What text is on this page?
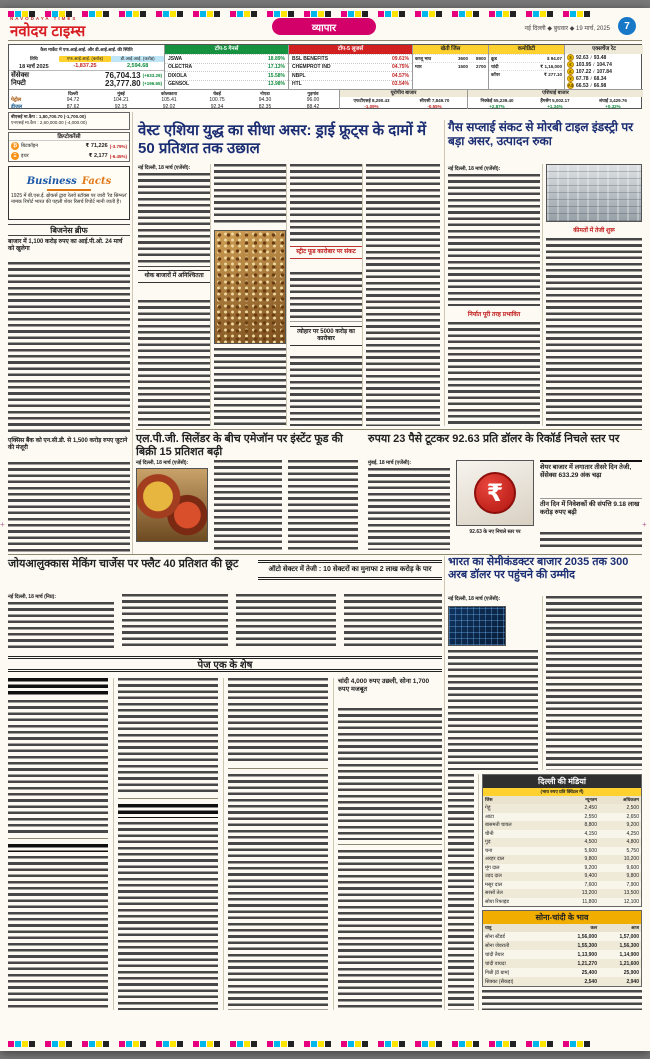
+	+
NAVODAYA TIMES
नवोदय टाइम्स	व्यापार	नई दिल्ली ◆ बुधवार ◆ 19 मार्च, 2025	7
कैश मार्केट में एफ.आई.आई. और डी.आई.आई. की स्थिति
तिथि	एफ.आई.आई. (करोड़)	डी.आई.आई. (करोड़)
18 मार्च 2025	-1,837.25	2,594.68
सेंसेक्स	76,704.13 (+633.29)
निफ्टी	23,777.80 (+196.65)
टॉप-5 गेनर्स
JSWA	18.89%
OLECTRA	17.13%
DIXOLA	15.58%
GENSOL	13.98%
टॉप-5 लूजर्स
BSL BENEFITS	09.61%
CHEMPROT IND	04.75%
NBPL	04.57%
HTL	03.54%
खेती जिंस
काजू भाव	3600	8900
ग्वार	1500	2700
कमोडिटी
क्रूड	$ 94.07
चांदी	₹ 1,16,000
कॉपर	₹ 277.10
एक्सचेंज रेट
$ 92.63 / 93.48
€ 103.95 / 104.74
£ 107.22 / 107.84
¥ 67.78 / 68.34
A$ 66.53 / 66.98
दिल्ली	मुंबई	कोलकाता	चेन्नई	नोएडा	गुड़गांव
पेट्रोल	94.72	104.21	105.41	100.75	94.30	96.00
डीजल	87.62	92.15	92.02	92.34	82.35	88.42
यूरोपीय बाजार
एफटीएसई 8,290.43
-1.09%
सीएसी 7,849.70
-0.55%
एशियाई बाजार
निक्केई 55,239.40
+2.87%
हैंगसेंग 5,002.17
+1.34%
शंघाई 3,429.76
+0.32%
बीएसई मा.कैप : 1,80,700.70 (-1,700.00)
एनएसई मा.कैप : 2,60,000.00 (-4,000.00)
क्रिप्टोकरेंसी
₿ बिटकॉइन	₹ 71,226 (-3.79%)
Ξ इथर	₹ 2,177 (-6.45%)
Business Facts
1925 में बी.एस.ई. ब्रोकर्स द्वारा रेलवे स्टॉक्स पर जारी 'रेड सिग्नल' नामक रिपोर्ट भारत की पहली शेयर रिसर्च रिपोर्ट मानी जाती है।
बिजनेस ब्रीफ
बाजार में 1,100 करोड़ रुपए का आई.पी.ओ. 24 मार्च को खुलेगा
एक्सिस बैंक को एन.सी.डी. से 1,500 करोड़ रुपए जुटाने की मंजूरी
वेस्ट एशिया युद्ध का सीधा असर: ड्राई फ्रूट्स के दामों में 50 प्रतिशत तक उछाल
नई दिल्ली, 18 मार्च (एजेंसी):
थोक बाजारों में अनिश्चितता
स्ट्रीट फूड कारोबार पर संकट
त्योहार पर 5000 करोड़ का कारोबार
गैस सप्लाई संकट से मोरबी टाइल इंडस्ट्री पर बड़ा असर, उत्पादन रुका
नई दिल्ली, 18 मार्च (एजेंसी):
निर्यात पूरी तरह प्रभावित
कीमतों में तेजी शुरू
एल.पी.जी. सिलेंडर के बीच एमेजॉन पर इंस्टेंट फूड की बिक्री 15 प्रतिशत बढ़ी
नई दिल्ली, 18 मार्च (एजेंसी):
रुपया 23 पैसे टूटकर 92.63 प्रति डॉलर के रिकॉर्ड निचले स्तर पर
मुंबई, 18 मार्च (एजेंसी):
₹
92.63 के नए निचले स्तर पर
शेयर बाजार में लगातार तीसरे दिन तेजी, सेंसेक्स 633.29 अंक चढ़ा
तीन दिन में निवेशकों की संपत्ति 9.18 लाख करोड़ रुपए बढ़ी
जोयआलुक्कास मेकिंग चार्जेस पर फ्लैट 40 प्रतिशत की छूट	ऑटो सेक्टर में तेजी : 10 सेक्टरों का मुनाफा 2 लाख करोड़ के पार
भारत का सेमीकंडक्टर बाजार 2035 तक 300 अरब डॉलर पर पहुंचने की उम्मीद
नई दिल्ली, 18 मार्च (निप्र):
पेज एक के शेष
चांदी 4,000 रुपए उछली, सोना 1,700 रुपए मजबूत
नई दिल्ली, 18 मार्च (एजेंसी):
दिल्ली की मंडियां
(भाव रुपए प्रति क्विंटल में)
जिंस	न्यूनतम	अधिकतम
गेहूं	2,450	2,500
आटा	2,550	2,650
बासमती चावल	8,800	9,200
चीनी	4,150	4,250
गुड़	4,500	4,800
चना	5,600	5,750
अरहर दाल	9,800	10,200
मूंग दाल	9,200	9,600
उड़द दाल	9,400	9,800
मसूर दाल	7,600	7,900
सरसों तेल	13,200	13,500
सोया रिफाइंड	11,800	12,100
सोना-चांदी के भाव
धातु	कल	आज
सोना स्टैंडर्ड	1,56,000	1,57,000
सोना जेवराती	1,55,300	1,56,300
चांदी तैयार	1,13,900	1,14,900
चांदी वायदा	1,21,270	1,21,600
गिन्नी (8 ग्राम)	25,400	25,900
सिक्का (सैकड़ा)	2,540	2,940
